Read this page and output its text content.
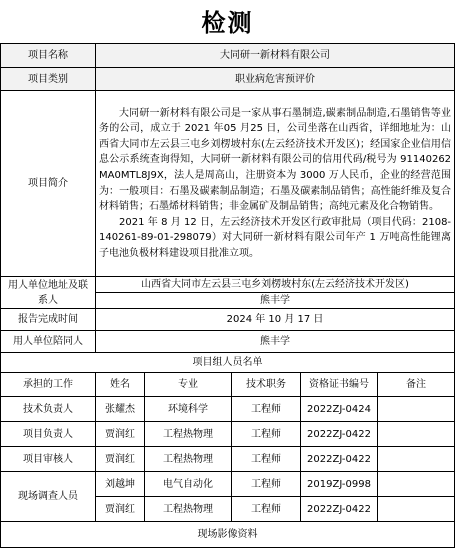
检测
项目名称	大同研一新材料有限公司				
项目类别	职业病危害预评价				
项目简介	大同研一新材料有限公司是一家从事石墨制造,碳素制品制造,石墨销售等业务的公司，成立于 2021 年05 月25 日，公司坐落在山西省，详细地址为：山西省大同市左云县三屯乡刘楞坡村东(左云经济技术开发区)；经国家企业信用信息公示系统查询得知，大同研一新材料有限公司的信用代码/税号为 91140262MA0MTL8J9X，法人是周高山，注册资本为 3000 万人民币，企业的经营范围为：一般项目：石墨及碳素制品制造；石墨及碳素制品销售；高性能纤维及复合材料销售；石墨烯材料销售；非金属矿及制品销售；高纯元素及化合物销售。

2021 年 8 月 12 日，左云经济技术开发区行政审批局（项目代码：2108-140261-89-01-298079）对大同研一新材料有限公司年产 1 万吨高性能锂离子电池负极材料建设项目批准立项。				

用人单位地址及联系人	山西省大同市左云县三屯乡刘楞坡村东(左云经济技术开发区)				
	熊丰学				
报告完成时间	2024 年 10 月 17 日				
用人单位陪同人	熊丰学				
项目组人员名单					
承担的工作	姓名	专业	技术职务	资格证书编号	备注
技术负责人	张耀杰	环境科学	工程师	2022ZJ-0424	
项目负责人	贾润红	工程热物理	工程师	2022ZJ-0422	
项目审核人	贾润红	工程热物理	工程师	2022ZJ-0422	
现场调查人员	刘越坤	电气自动化	工程师	2019ZJ-0998	
	贾润红	工程热物理	工程师	2022ZJ-0422	
现场影像资料					
